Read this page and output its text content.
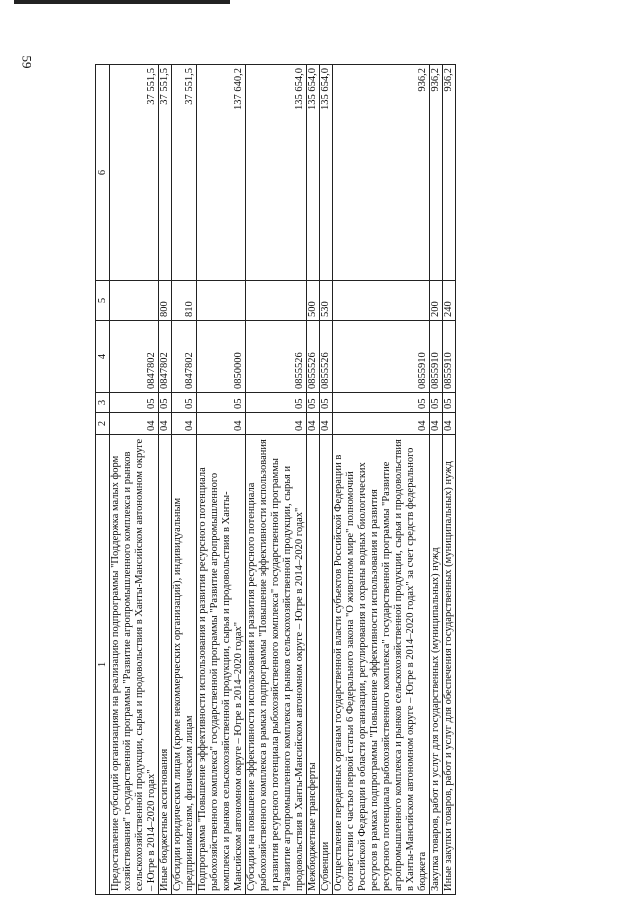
59
1	2	3	4	5	6
Предоставление субсидий организациям на реализацию подпрограммы "Поддержка малых форм хозяйствования" государственной программы "Развитие агропромышленного комплекса и рынков сельскохозяйственной продукции, сырья и продовольствия в Ханты-Мансийском автономном округе – Югре в 2014–2020 годах"	04	05	0847802		37 551,5
Иные бюджетные ассигнования	04	05	0847802	800	37 551,5
Субсидии юридическим лицам (кроме некоммерческих организаций), индивидуальным предпринимателям, физическим лицам	04	05	0847802	810	37 551,5
Подпрограмма "Повышение эффективности использования и развития ресурсного потенциала рыбохозяйственного комплекса" государственной программы "Развитие агропромышленного комплекса и рынков сельскохозяйственной продукции, сырья и продовольствия в Ханты-Мансийском автономном округе – Югре в 2014–2020 годах"	04	05	0850000		137 640,2
Субсидии на повышение эффективности использования и развития ресурсного потенциала рыбохозяйственного комплекса в рамках подпрограммы "Повышение эффективности использования и развития ресурсного потенциала рыбохозяйственного комплекса" государственной программы "Развитие агропромышленного комплекса и рынков сельскохозяйственной продукции, сырья и продовольствия в Ханты-Мансийском автономном округе – Югре в 2014–2020 годах"	04	05	0855526		135 654,0
Межбюджетные трансферты	04	05	0855526	500	135 654,0
Субвенции	04	05	0855526	530	135 654,0
Осуществление переданных органам государственной власти субъектов Российской Федерации в соответствии с частью первой статьи 6 Федерального закона "О животном мире" полномочий Российской Федерации в области организации, регулирования и охраны водных биологических ресурсов в рамках подпрограммы "Повышение эффективности использования и развития ресурсного потенциала рыбохозяйственного комплекса" государственной программы "Развитие агропромышленного комплекса и рынков сельскохозяйственной продукции, сырья и продовольствия в Ханты-Мансийском автономном округе – Югре в 2014–2020 годах" за счет средств федерального бюджета	04	05	0855910		936,2
Закупка товаров, работ и услуг для государственных (муниципальных) нужд	04	05	0855910	200	936,2
Иные закупки товаров, работ и услуг для обеспечения государственных (муниципальных) нужд	04	05	0855910	240	936,2
